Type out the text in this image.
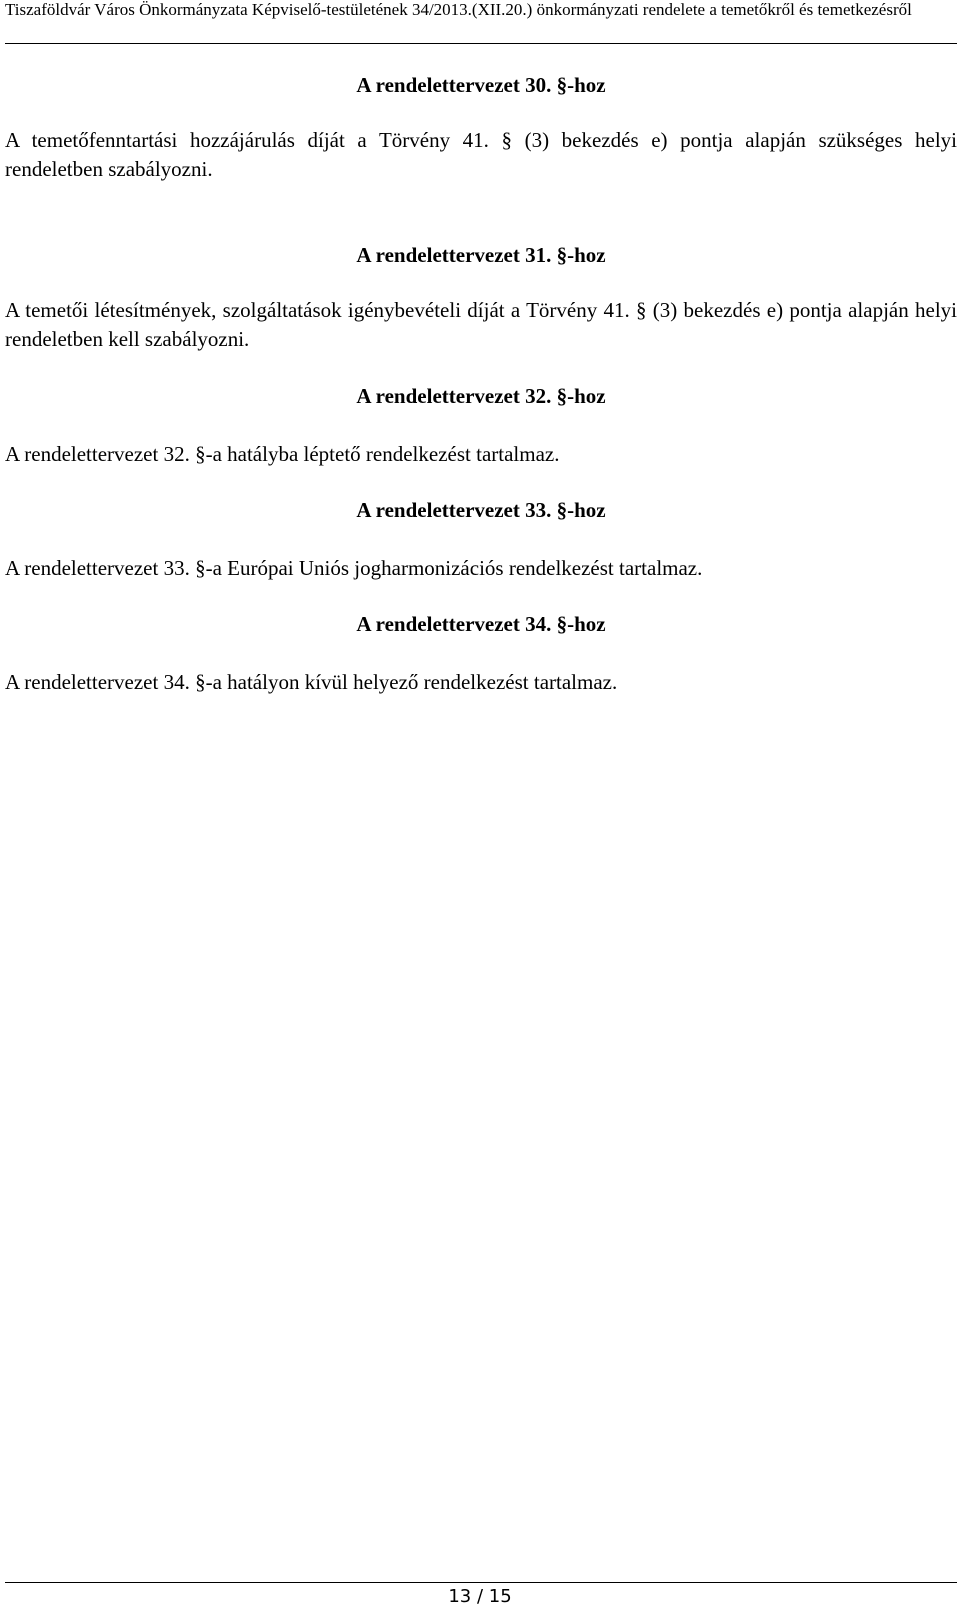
Tiszaföldvár Város Önkormányzata Képviselő-testületének 34/2013.(XII.20.) önkormányzati rendelete a temetőkről és temetkezésről
A rendelettervezet 30. §-hoz
A temetőfenntartási hozzájárulás díját a Törvény 41. § (3) bekezdés e) pontja alapján szükséges helyi rendeletben szabályozni.
A rendelettervezet 31. §-hoz
A temetői létesítmények, szolgáltatások igénybevételi díját a Törvény 41. § (3) bekezdés e) pontja alapján helyi rendeletben kell szabályozni.
A rendelettervezet 32. §-hoz
A rendelettervezet 32. §-a hatályba léptető rendelkezést tartalmaz.
A rendelettervezet 33. §-hoz
A rendelettervezet 33. §-a Európai Uniós jogharmonizációs rendelkezést tartalmaz.
A rendelettervezet 34. §-hoz
A rendelettervezet 34. §-a hatályon kívül helyező rendelkezést tartalmaz.
13 / 15
